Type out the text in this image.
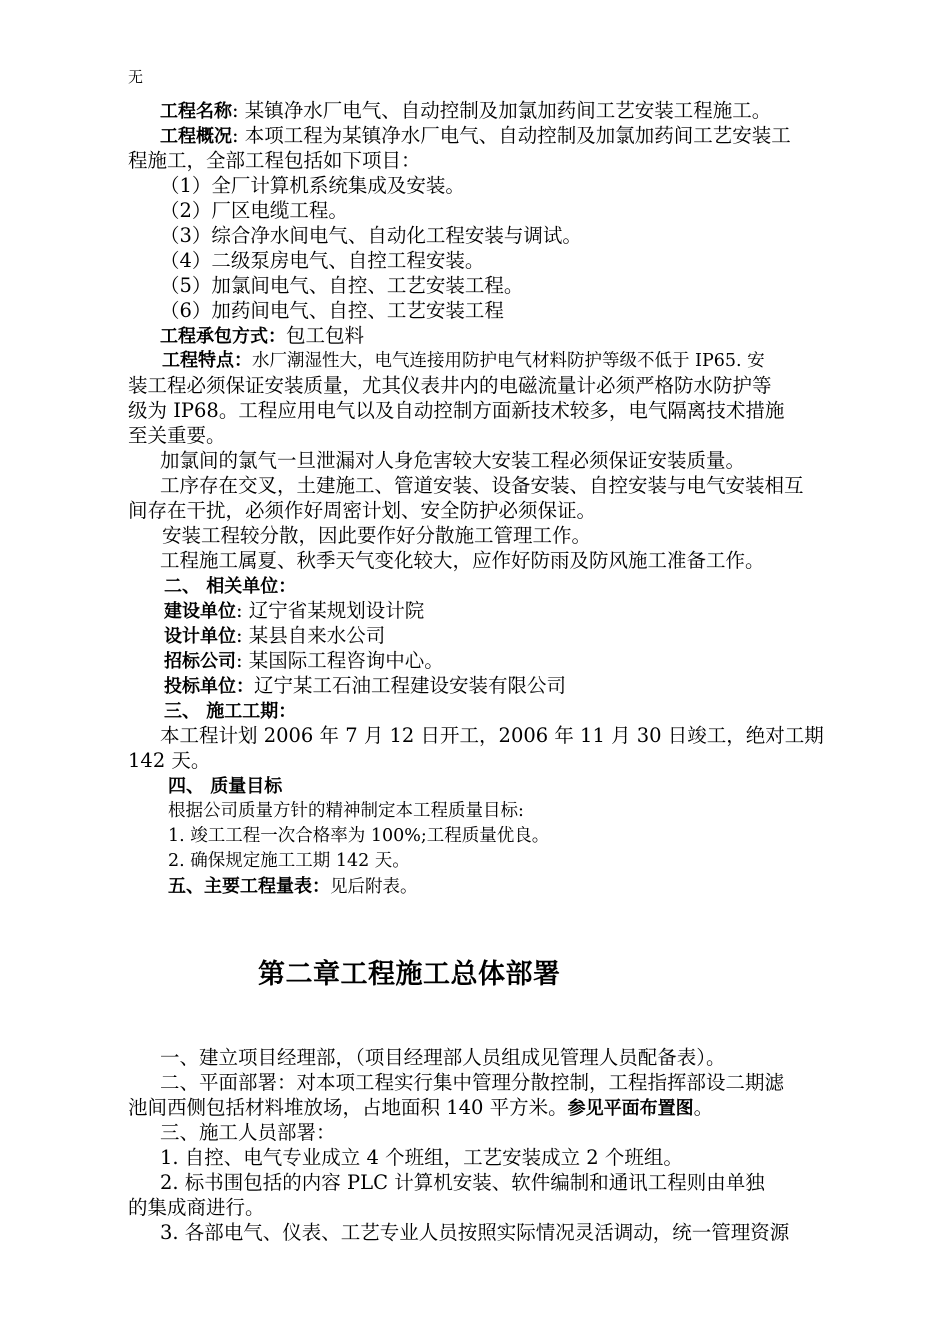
无
工程名称: 某镇净水厂电气、自动控制及加氯加药间工艺安装工程施工。
工程概况: 本项工程为某镇净水厂电气、自动控制及加氯加药间工艺安装工
程施工，全部工程包括如下项目：
（1）全厂计算机系统集成及安装。
（2）厂区电缆工程。
（3）综合净水间电气、自动化工程安装与调试。
（4）二级泵房电气、自控工程安装。
（5）加氯间电气、自控、工艺安装工程。
（6）加药间电气、自控、工艺安装工程
工程承包方式：包工包料
工程特点：水厂潮湿性大，电气连接用防护电气材料防护等级不低于 IP65. 安
装工程必须保证安装质量，尤其仪表井内的电磁流量计必须严格防水防护等
级为 IP68。工程应用电气以及自动控制方面新技术较多，电气隔离技术措施
至关重要。
加氯间的氯气一旦泄漏对人身危害较大安装工程必须保证安装质量。
工序存在交叉，土建施工、管道安装、设备安装、自控安装与电气安装相互
间存在干扰，必须作好周密计划、安全防护必须保证。
安装工程较分散，因此要作好分散施工管理工作。
工程施工属夏、秋季天气变化较大，应作好防雨及防风施工准备工作。
二、 相关单位：
建设单位: 辽宁省某规划设计院
设计单位: 某县自来水公司
招标公司: 某国际工程咨询中心。
投标单位：辽宁某工石油工程建设安装有限公司
三、 施工工期：
本工程计划 2006 年 7 月 12 日开工，2006 年 11 月 30 日竣工，绝对工期
142 天。
四、 质量目标
根据公司质量方针的精神制定本工程质量目标:
1. 竣工工程一次合格率为 100%;工程质量优良。
2. 确保规定施工工期 142 天。
五、主要工程量表：见后附表。
第二章工程施工总体部署
一、建立项目经理部，（项目经理部人员组成见管理人员配备表）。
二、平面部署：对本项工程实行集中管理分散控制，工程指挥部设二期滤
池间西侧包括材料堆放场，占地面积 140 平方米。参见平面布置图。
三、施工人员部署：
1. 自控、电气专业成立 4 个班组，工艺安装成立 2 个班组。
2. 标书围包括的内容 PLC 计算机安装、软件编制和通讯工程则由单独
的集成商进行。
3. 各部电气、仪表、工艺专业人员按照实际情况灵活调动，统一管理资源
